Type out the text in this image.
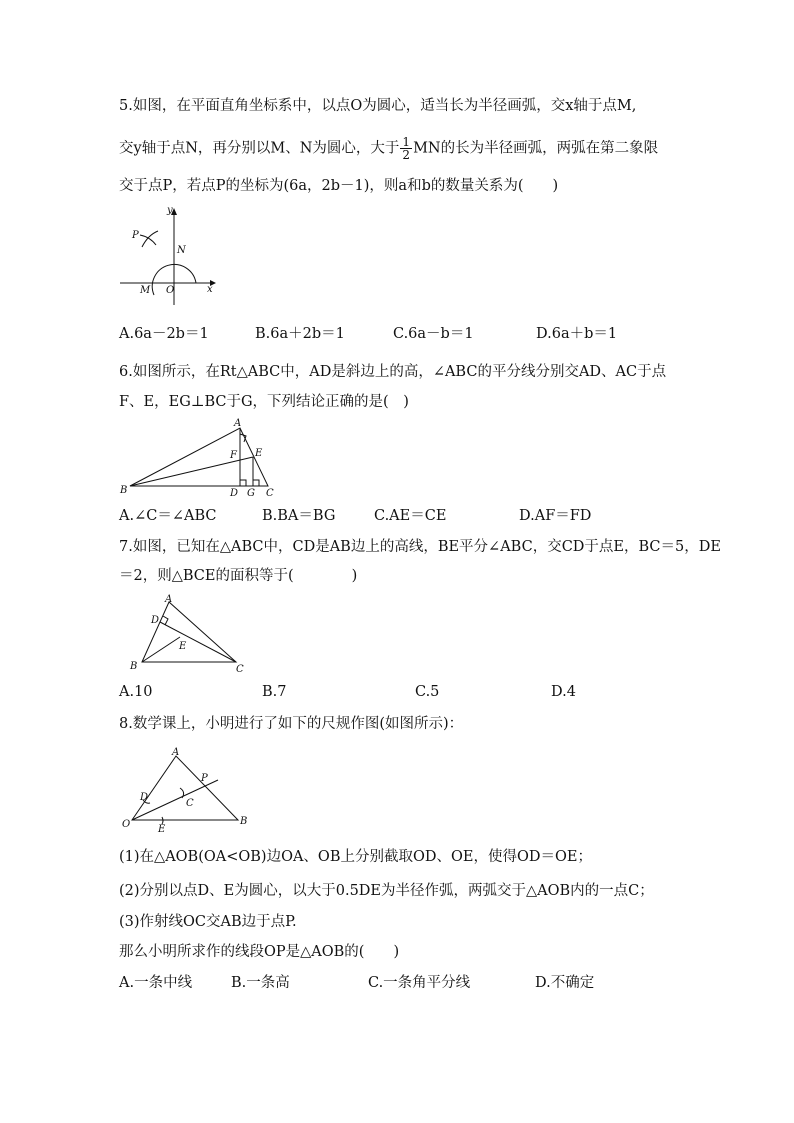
5.如图，在平面直角坐标系中，以点O为圆心，适当长为半径画弧，交x轴于点M,
交y轴于点N，再分别以M、N为圆心，大于 $\frac{1}{2}$ MN的长为半径画弧，两弧在第二象限
交于点P，若点P的坐标为(6a，2b－1)，则a和b的数量关系为(　　)
y
x
P
N
M O
A.6a－2b＝1	B.6a＋2b＝1	C.6a－b＝1	D.6a＋b＝1
6.如图所示，在Rt△ABC中，AD是斜边上的高，∠ABC的平分线分别交AD、AC于点
F、E，EG⊥BC于G，下列结论正确的是(　)
A
B	C
D
E
F
G
A.∠C＝∠ABC	B.BA＝BG	C.AE＝CE	D.AF＝FD
7.如图，已知在△ABC中，CD是AB边上的高线，BE平分∠ABC，交CD于点E，BC＝5，DE
＝2，则△BCE的面积等于(　　　　)
A
B	C
D
E
A.10	B.7	C.5	D.4
8.数学课上，小明进行了如下的尺规作图(如图所示)：
A
B
C
D
E
O
P
(1)在△AOB(OA<OB)边OA、OB上分别截取OD、OE，使得OD＝OE；
(2)分别以点D、E为圆心，以大于0.5DE为半径作弧，两弧交于△AOB内的一点C；
(3)作射线OC交AB边于点P.
那么小明所求作的线段OP是△AOB的(　　)
A.一条中线	B.一条高	C.一条角平分线	D.不确定
